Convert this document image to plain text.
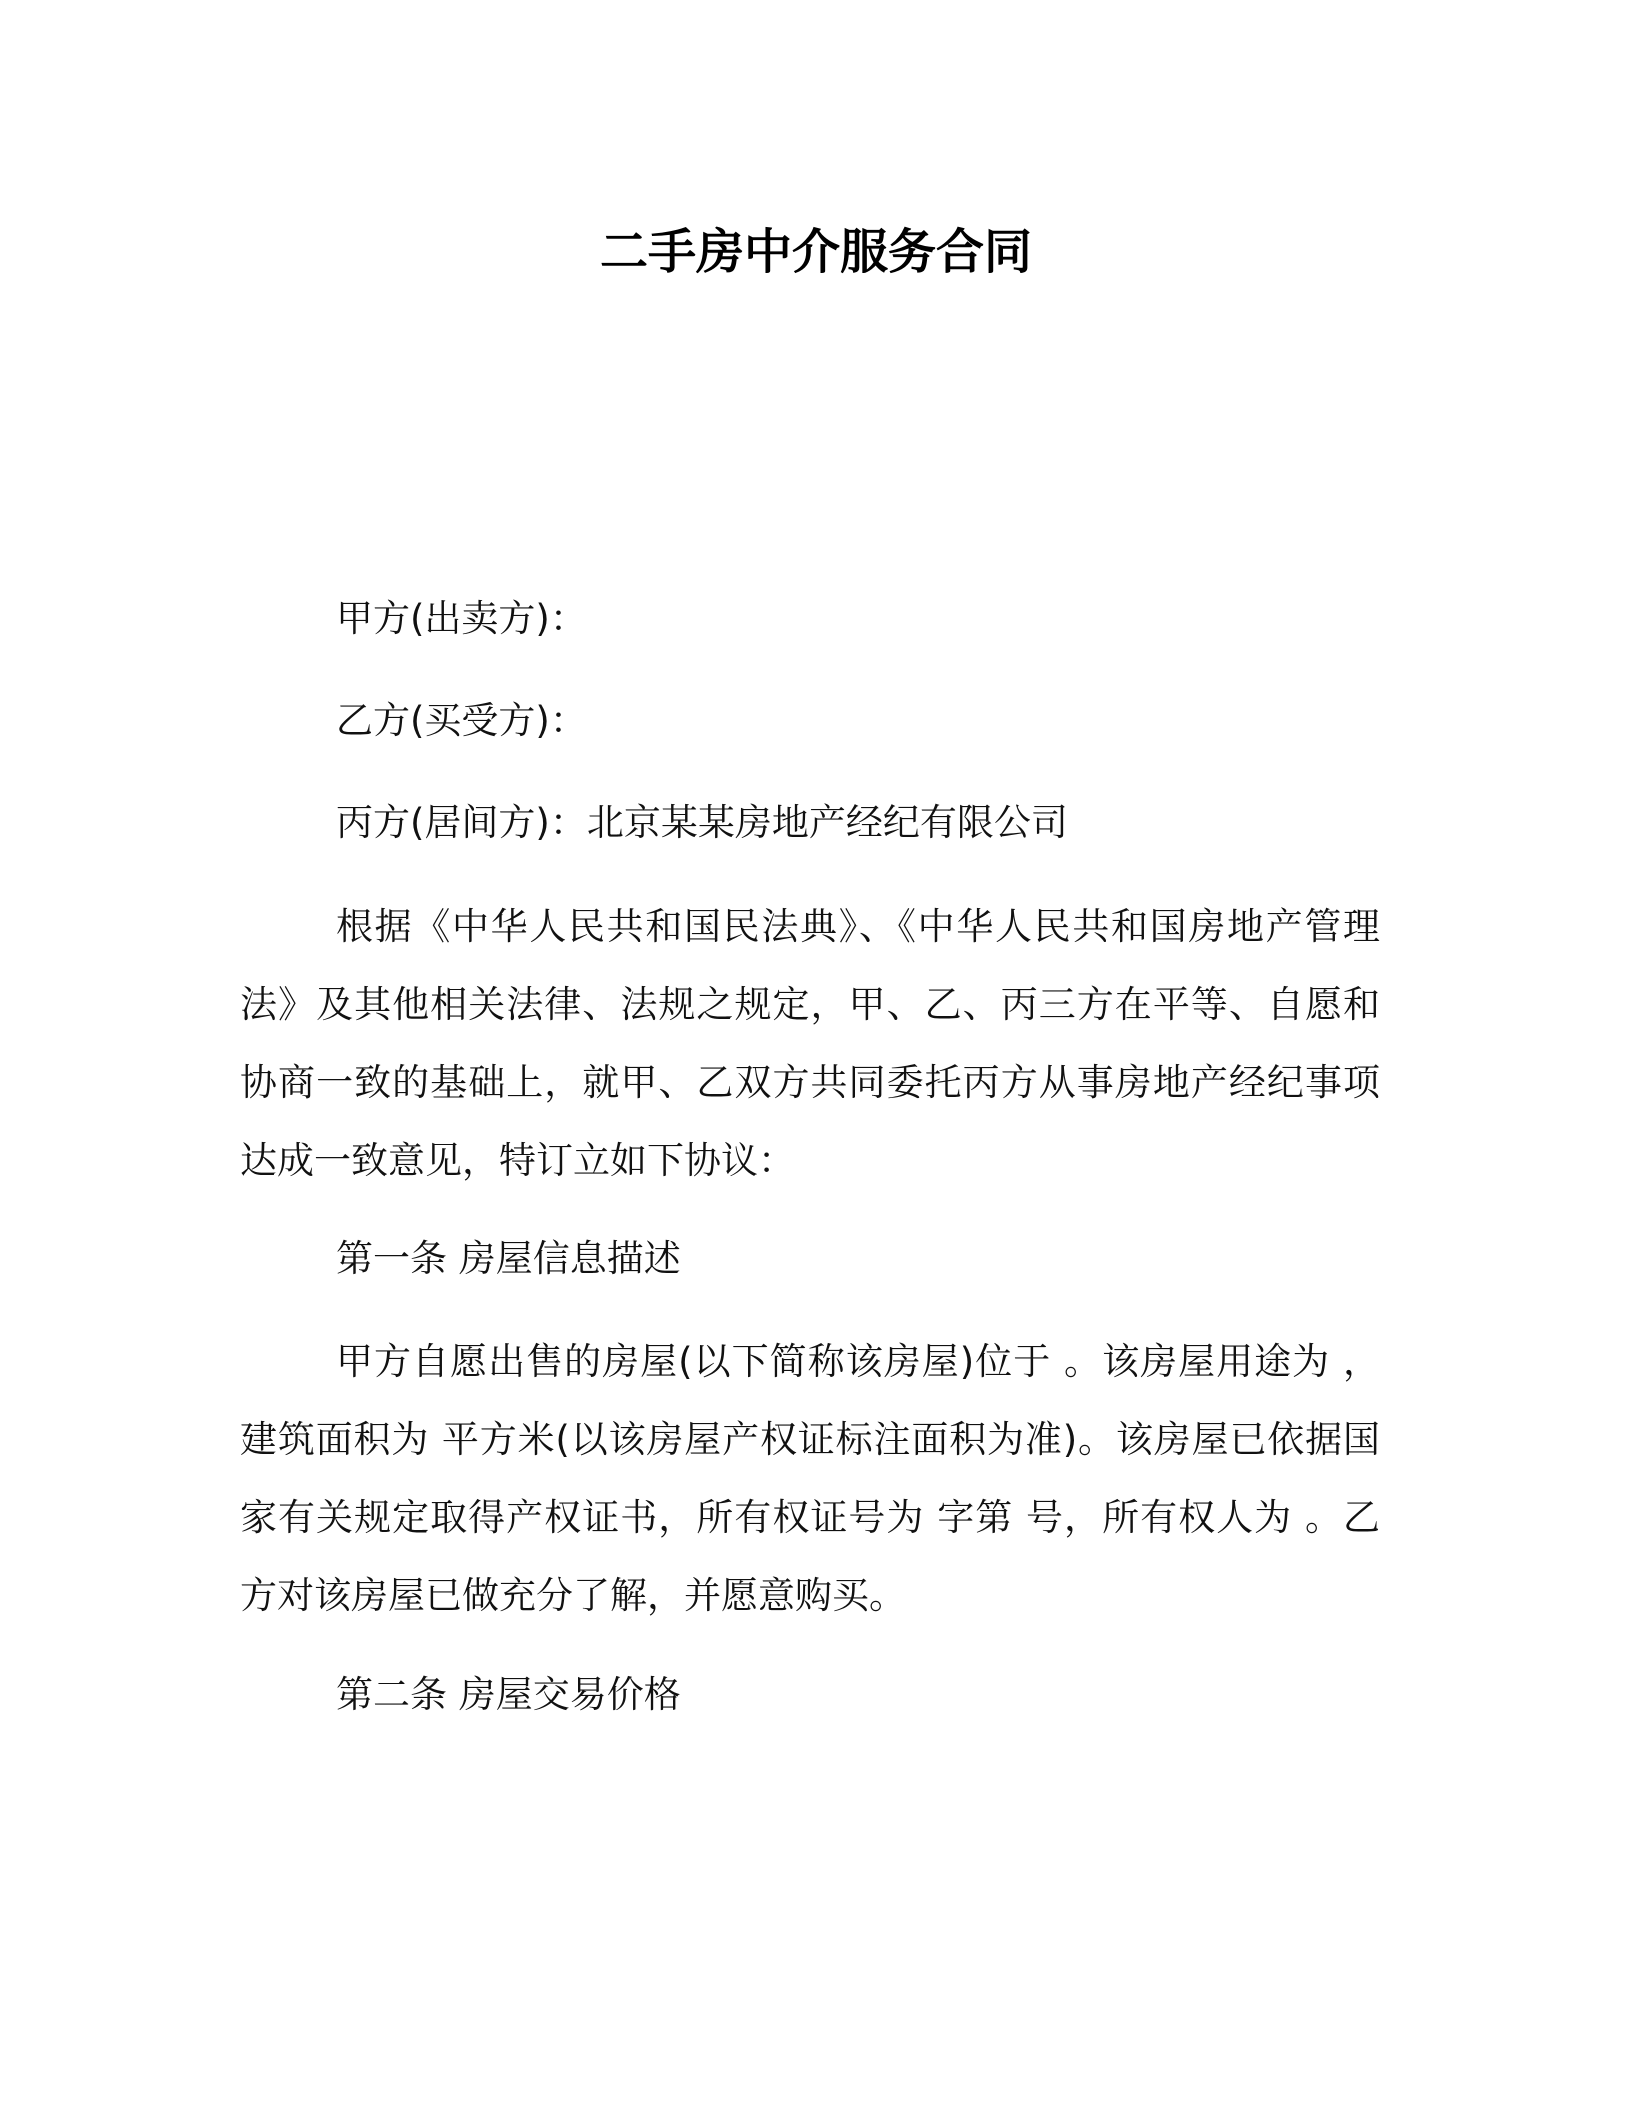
二手房中介服务合同

甲方(出卖方)：

乙方(买受方)：

丙方(居间方)：北京某某房地产经纪有限公司

根据《中华人民共和国民法典》、《中华人民共和国房地产管理法》及其他相关法律、法规之规定，甲、乙、丙三方在平等、自愿和协商一致的基础上，就甲、乙双方共同委托丙方从事房地产经纪事项达成一致意见，特订立如下协议：

第一条 房屋信息描述

甲方自愿出售的房屋(以下简称该房屋)位于 。该房屋用途为 ，建筑面积为 平方米(以该房屋产权证标注面积为准)。该房屋已依据国家有关规定取得产权证书，所有权证号为 字第 号，所有权人为 。乙方对该房屋已做充分了解，并愿意购买。

第二条 房屋交易价格
